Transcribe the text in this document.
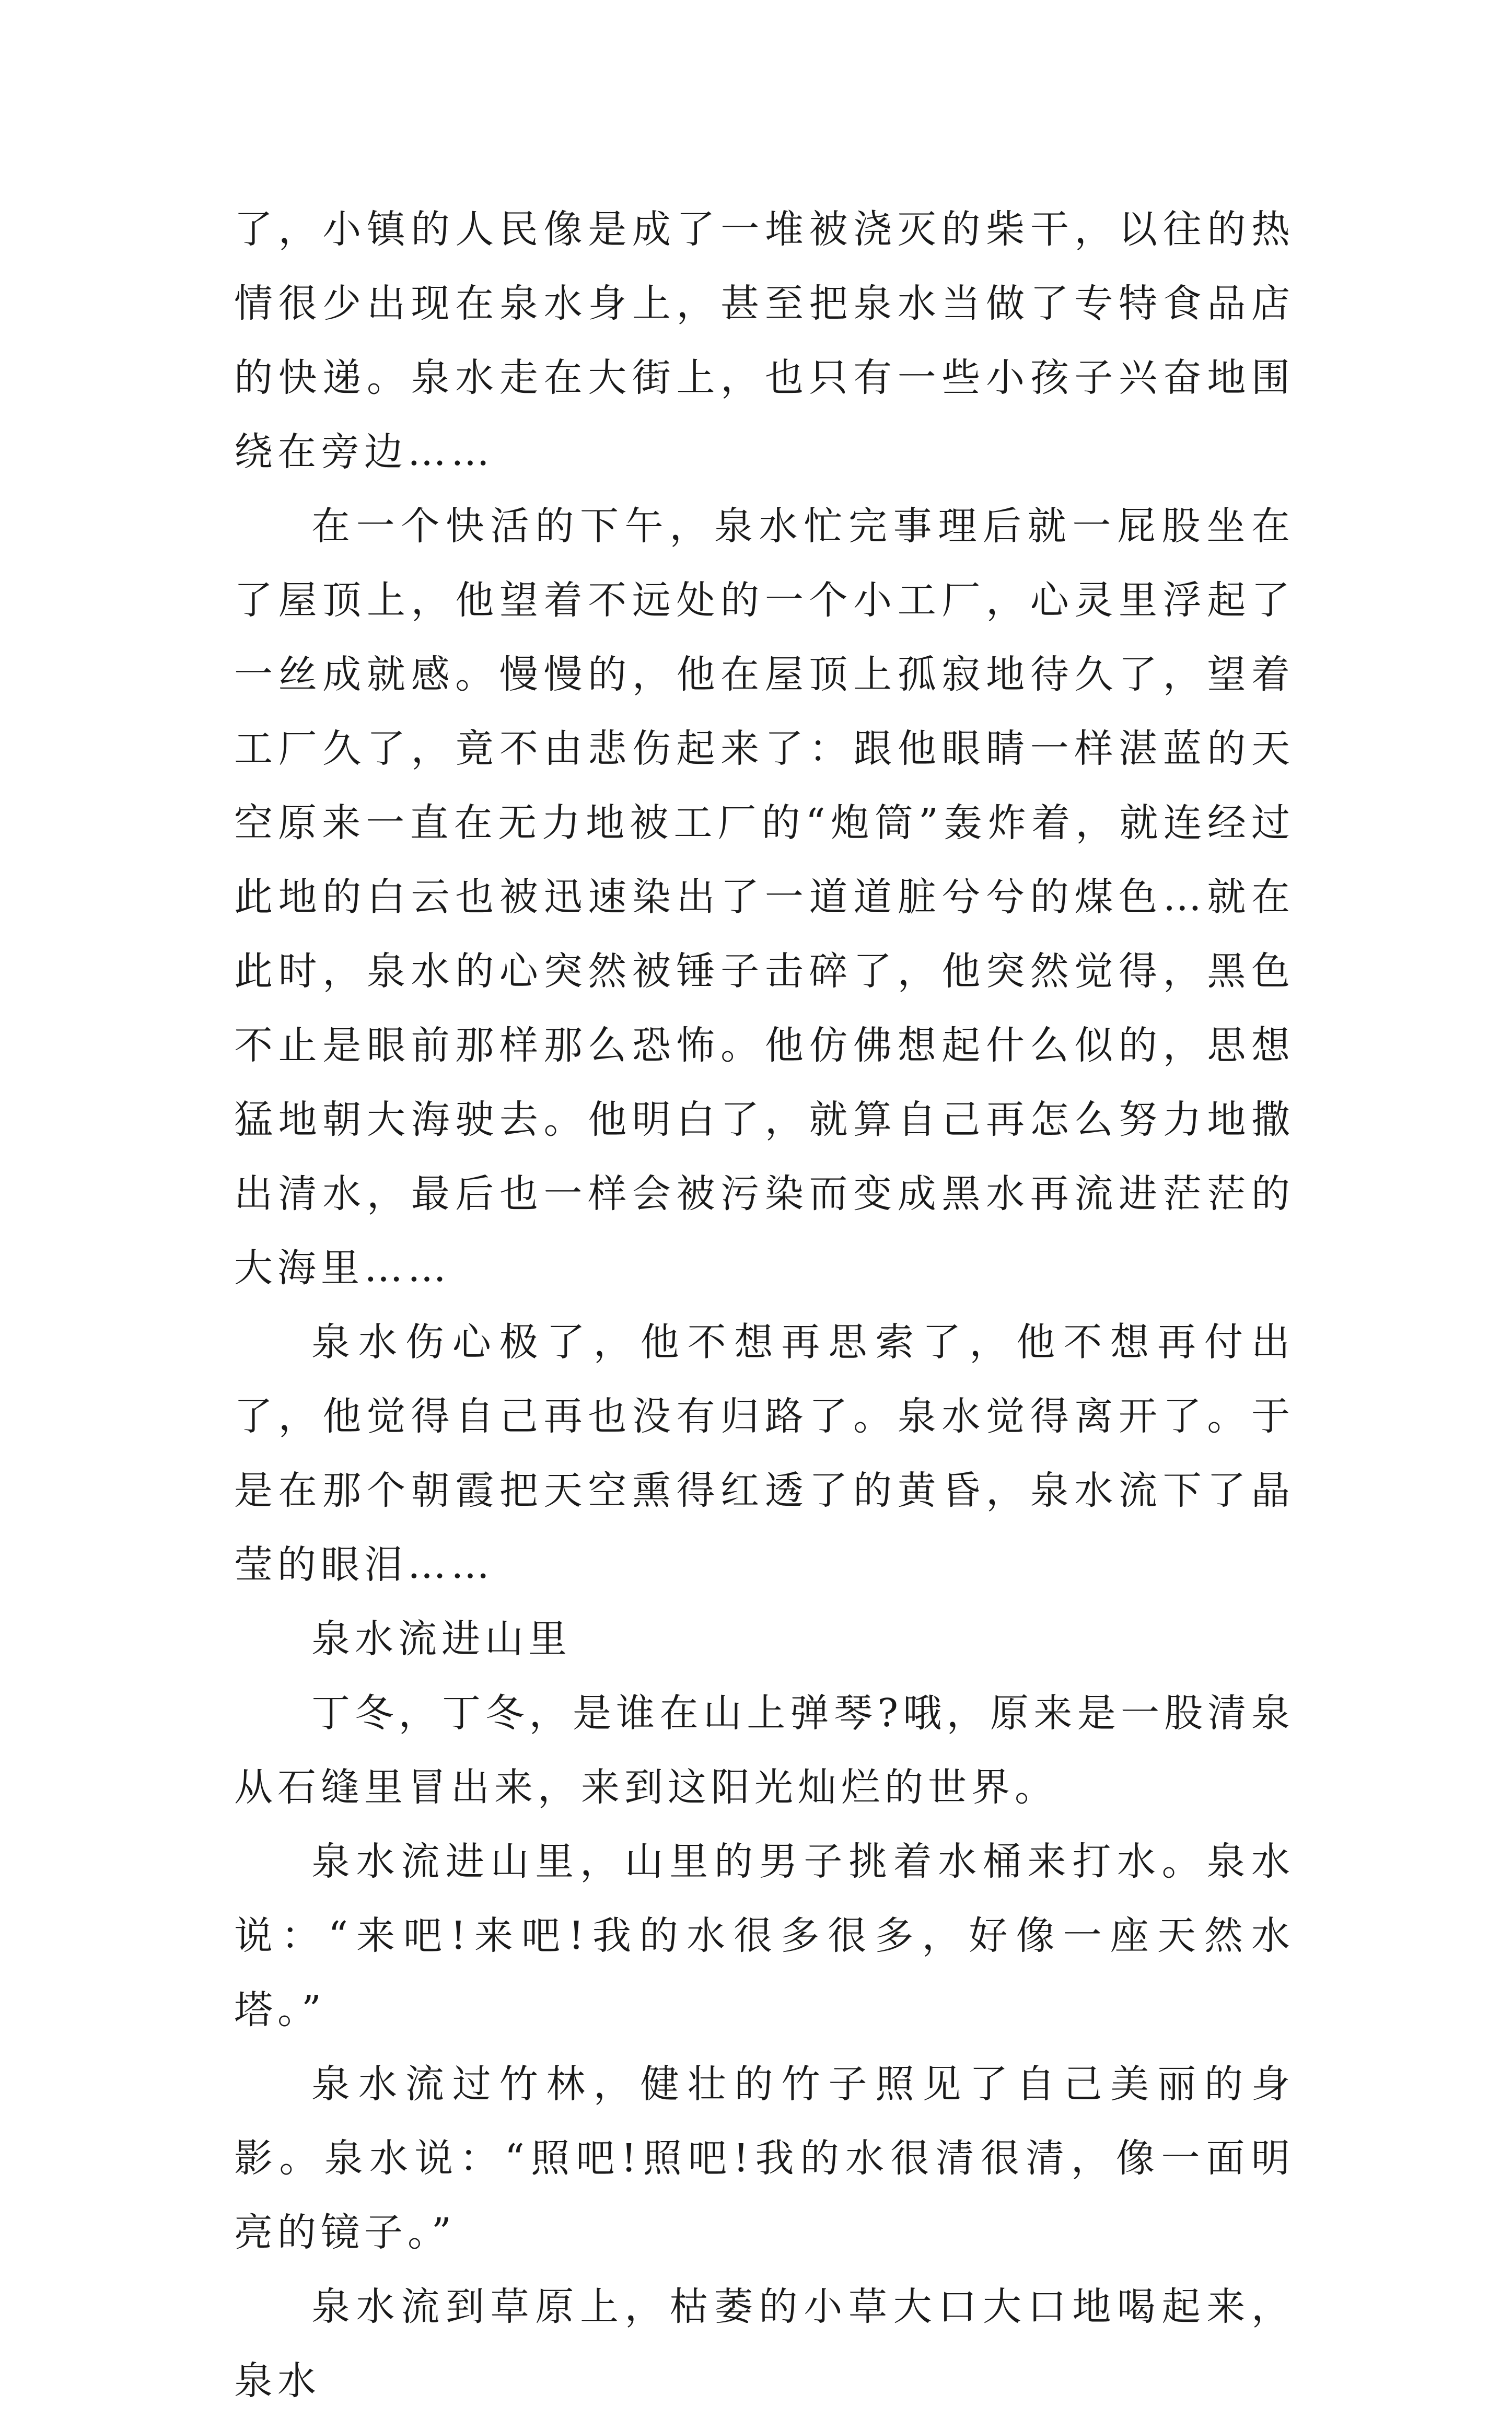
了，小镇的人民像是成了一堆被浇灭的柴干，以往的热情很少出现在泉水身上，甚至把泉水当做了专特食品店的快递。泉水走在大街上，也只有一些小孩子兴奋地围绕在旁边……

在一个快活的下午，泉水忙完事理后就一屁股坐在了屋顶上，他望着不远处的一个小工厂，心灵里浮起了一丝成就感。慢慢的，他在屋顶上孤寂地待久了，望着工厂久了，竟不由悲伤起来了：跟他眼睛一样湛蓝的天空原来一直在无力地被工厂的“炮筒”轰炸着，就连经过此地的白云也被迅速染出了一道道脏兮兮的煤色…就在此时，泉水的心突然被锤子击碎了，他突然觉得，黑色不止是眼前那样那么恐怖。他仿佛想起什么似的，思想猛地朝大海驶去。他明白了，就算自己再怎么努力地撒出清水，最后也一样会被污染而变成黑水再流进茫茫的大海里……

泉水伤心极了，他不想再思索了，他不想再付出了，他觉得自己再也没有归路了。泉水觉得离开了。于是在那个朝霞把天空熏得红透了的黄昏，泉水流下了晶莹的眼泪……

泉水流进山里

丁冬，丁冬，是谁在山上弹琴?哦，原来是一股清泉从石缝里冒出来，来到这阳光灿烂的世界。

泉水流进山里，山里的男子挑着水桶来打水。泉水说：“来吧!来吧!我的水很多很多，好像一座天然水塔。”

泉水流过竹林，健壮的竹子照见了自己美丽的身影。泉水说：“照吧!照吧!我的水很清很清，像一面明亮的镜子。”

泉水流到草原上，枯萎的小草大口大口地喝起来，泉水
